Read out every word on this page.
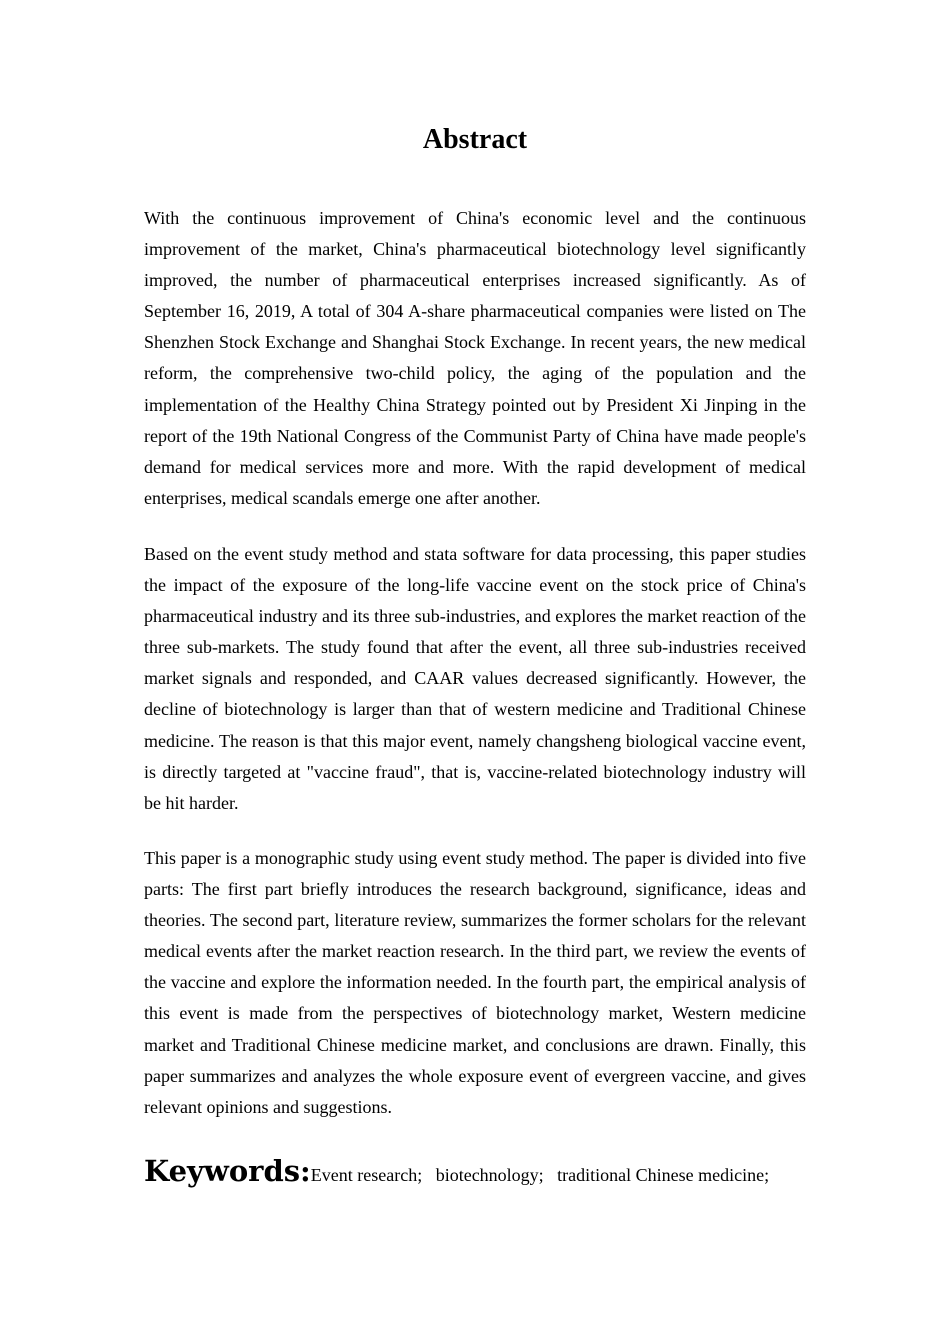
Abstract

With the continuous improvement of China's economic level and the continuous improvement of the market, China's pharmaceutical biotechnology level significantly improved, the number of pharmaceutical enterprises increased significantly. As of September 16, 2019, A total of 304 A-share pharmaceutical companies were listed on The Shenzhen Stock Exchange and Shanghai Stock Exchange. In recent years, the new medical reform, the comprehensive two-child policy, the aging of the population and the implementation of the Healthy China Strategy pointed out by President Xi Jinping in the report of the 19th National Congress of the Communist Party of China have made people's demand for medical services more and more. With the rapid development of medical enterprises, medical scandals emerge one after another.

Based on the event study method and stata software for data processing, this paper studies the impact of the exposure of the long-life vaccine event on the stock price of China's pharmaceutical industry and its three sub-industries, and explores the market reaction of the three sub-markets. The study found that after the event, all three sub-industries received market signals and responded, and CAAR values decreased significantly. However, the decline of biotechnology is larger than that of western medicine and Traditional Chinese medicine. The reason is that this major event, namely changsheng biological vaccine event, is directly targeted at "vaccine fraud", that is, vaccine-related biotechnology industry will be hit harder.

This paper is a monographic study using event study method. The paper is divided into five parts: The first part briefly introduces the research background, significance, ideas and theories. The second part, literature review, summarizes the former scholars for the relevant medical events after the market reaction research. In the third part, we review the events of the vaccine and explore the information needed. In the fourth part, the empirical analysis of this event is made from the perspectives of biotechnology market, Western medicine market and Traditional Chinese medicine market, and conclusions are drawn. Finally, this paper summarizes and analyzes the whole exposure event of evergreen vaccine, and gives relevant opinions and suggestions.

Keywords:Event research;   biotechnology;   traditional Chinese medicine;
